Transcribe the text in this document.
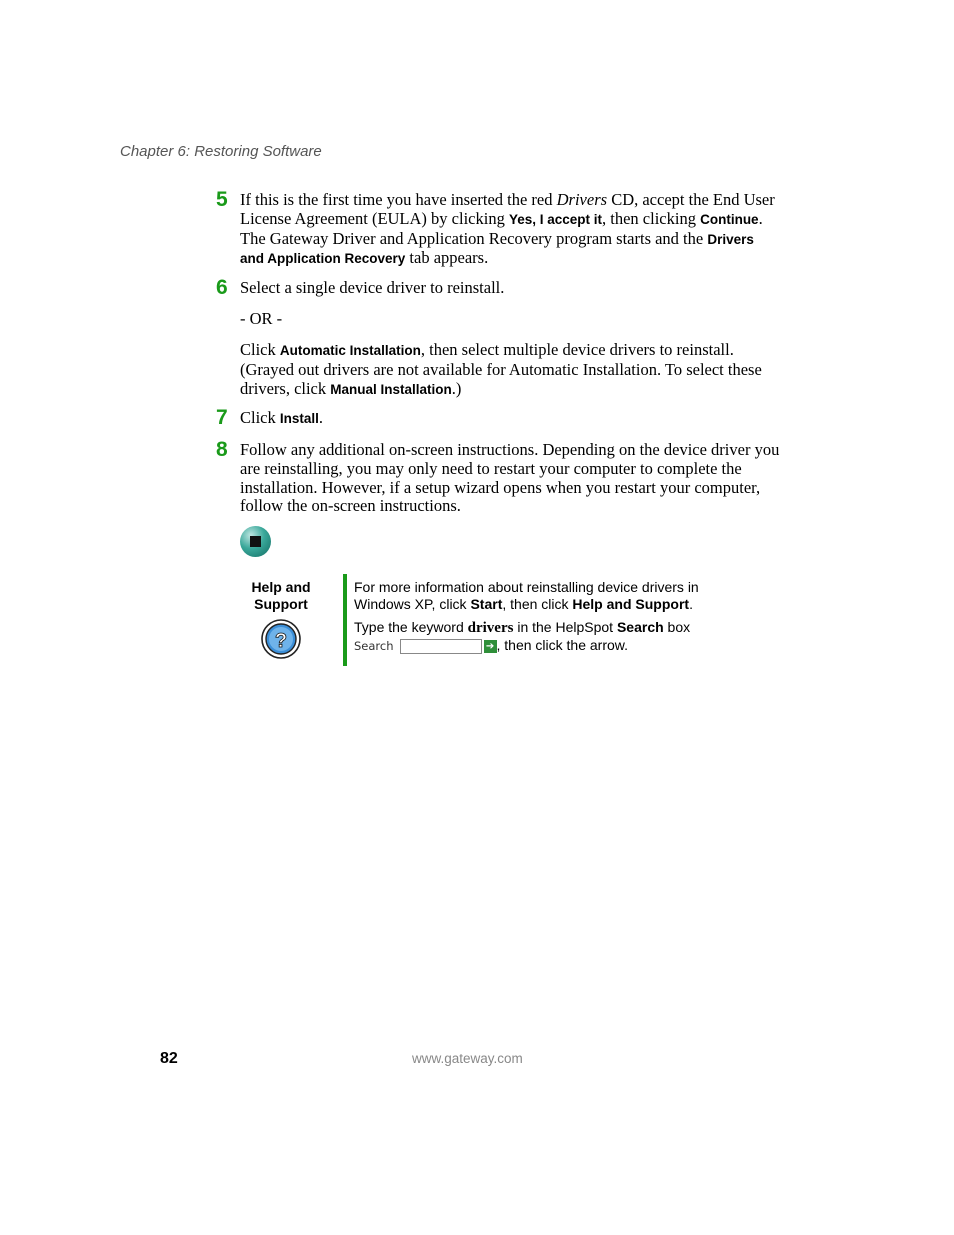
Chapter 6: Restoring Software
5 If this is the first time you have inserted the red Drivers CD, accept the End User License Agreement (EULA) by clicking Yes, I accept it, then clicking Continue. The Gateway Driver and Application Recovery program starts and the Drivers and Application Recovery tab appears.
6 Select a single device driver to reinstall.
- OR -
Click Automatic Installation, then select multiple device drivers to reinstall. (Grayed out drivers are not available for Automatic Installation. To select these drivers, click Manual Installation.)
7 Click Install.
8 Follow any additional on-screen instructions. Depending on the device driver you are reinstalling, you may only need to restart your computer to complete the installation. However, if a setup wizard opens when you restart your computer, follow the on-screen instructions.
Help and
Support
?
For more information about reinstalling device drivers in Windows XP, click Start, then click Help and Support.
Type the keyword drivers in the HelpSpot Search box
Search	➔ , then click the arrow.
82	www.gateway.com
